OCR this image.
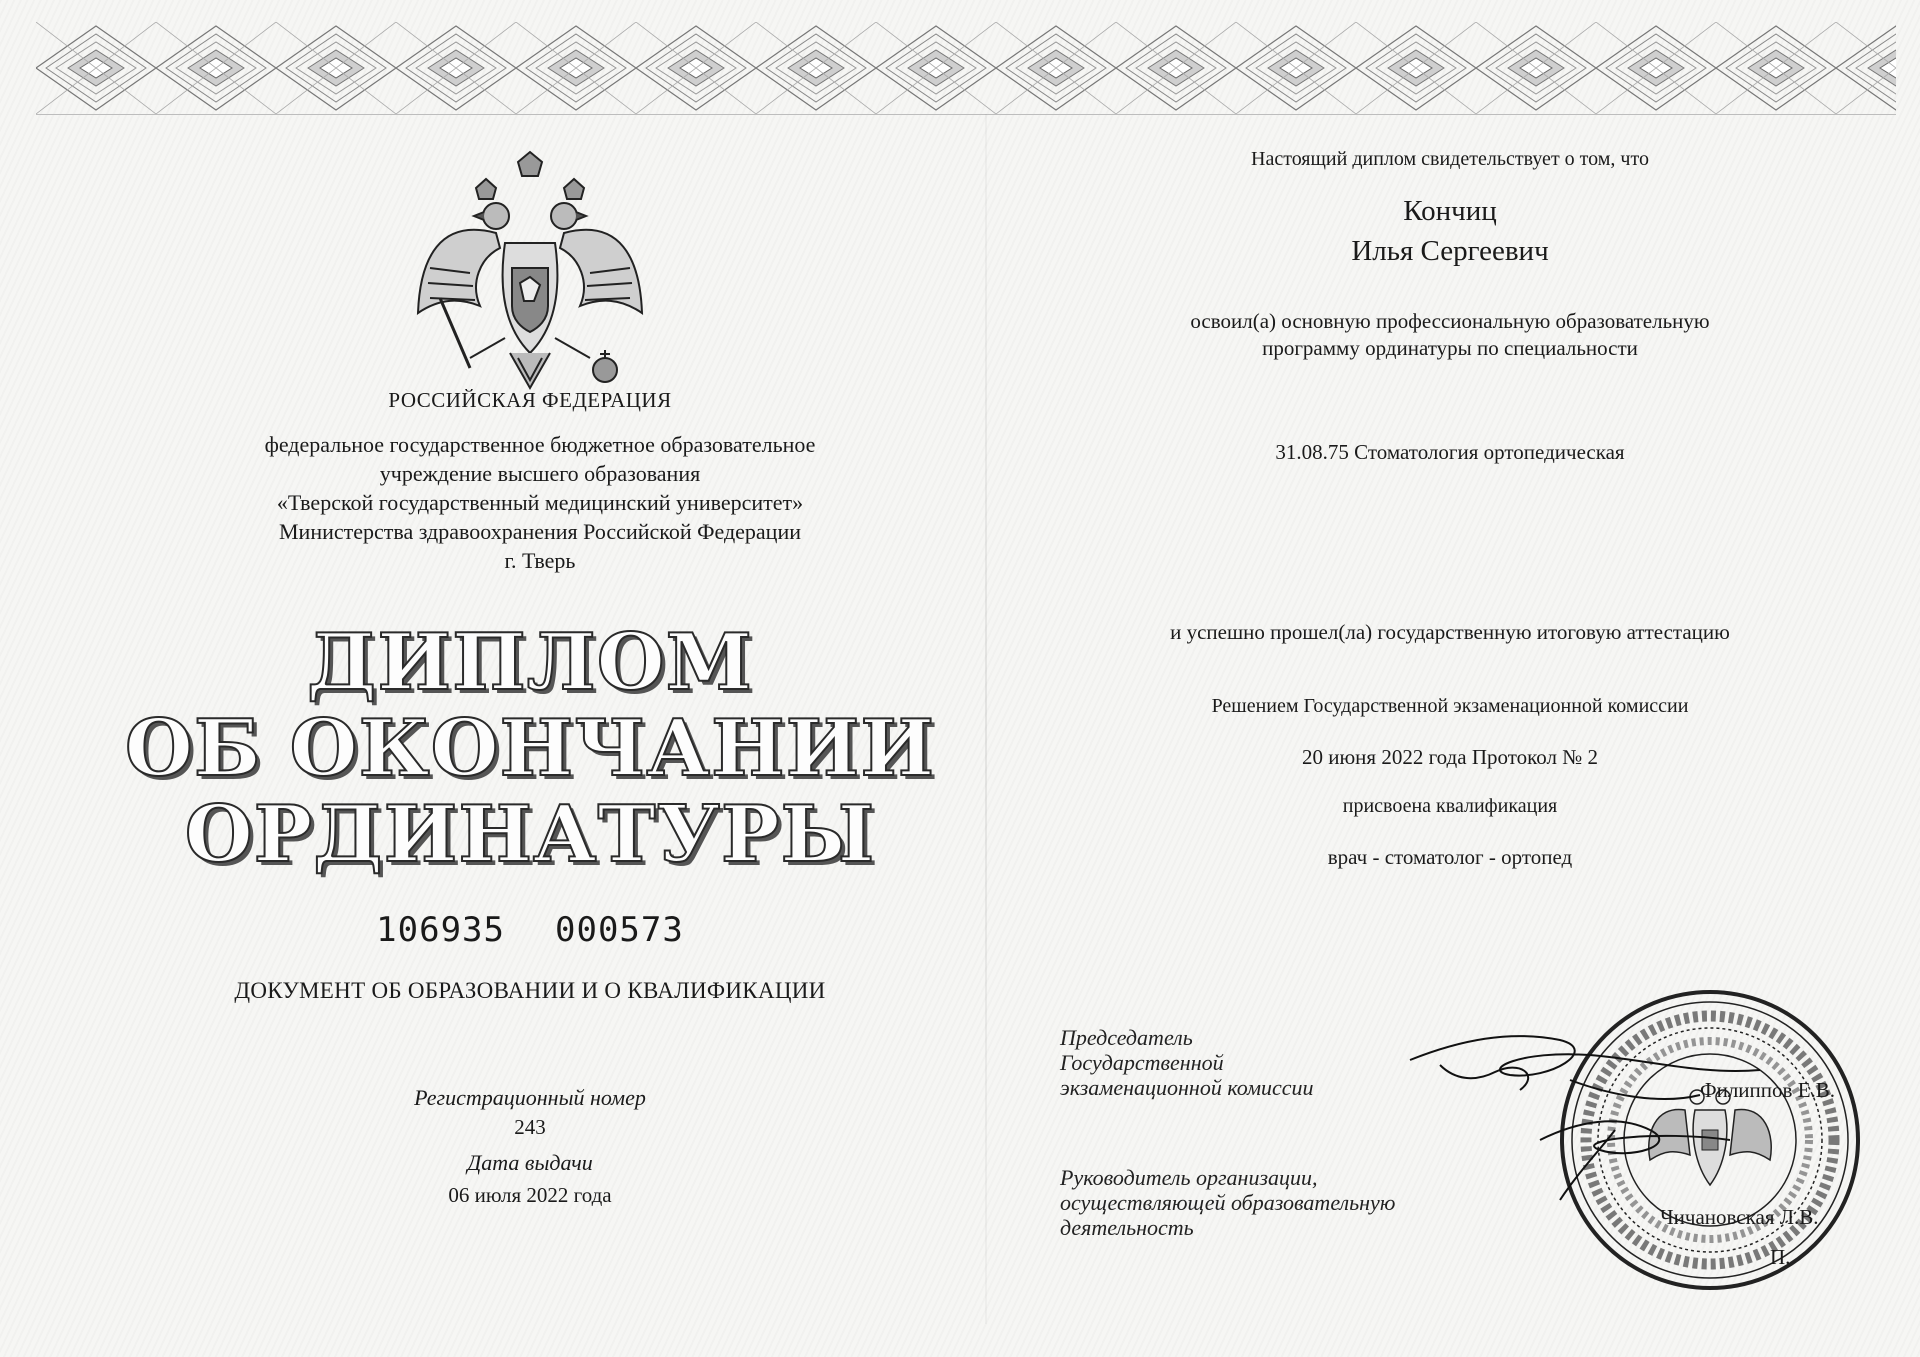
РОССИЙСКАЯ ФЕДЕРАЦИЯ
федеральное государственное бюджетное образовательное
учреждение высшего образования
«Тверской государственный медицинский университет»
Министерства здравоохранения Российской Федерации
г. Тверь
ДИПЛОМ
ОБ ОКОНЧАНИИ
ОРДИНАТУРЫ
106935 000573
ДОКУМЕНТ ОБ ОБРАЗОВАНИИ И О КВАЛИФИКАЦИИ
Регистрационный номер
243
Дата выдачи
06 июля 2022 года
Настоящий диплом свидетельствует о том, что
Кончиц
Илья Сергеевич
освоил(а) основную профессиональную образовательную
программу ординатуры по специальности
31.08.75 Стоматология ортопедическая
и успешно прошел(ла) государственную итоговую аттестацию
Решением Государственной экзаменационной комиссии
20 июня 2022 года Протокол № 2
присвоена квалификация
врач - стоматолог - ортопед
Председатель
Государственной
экзаменационной комиссии
Руководитель организации,
осуществляющей образовательную
деятельность
Филиппов Е.В.
Чичановская Л.В.
П.
